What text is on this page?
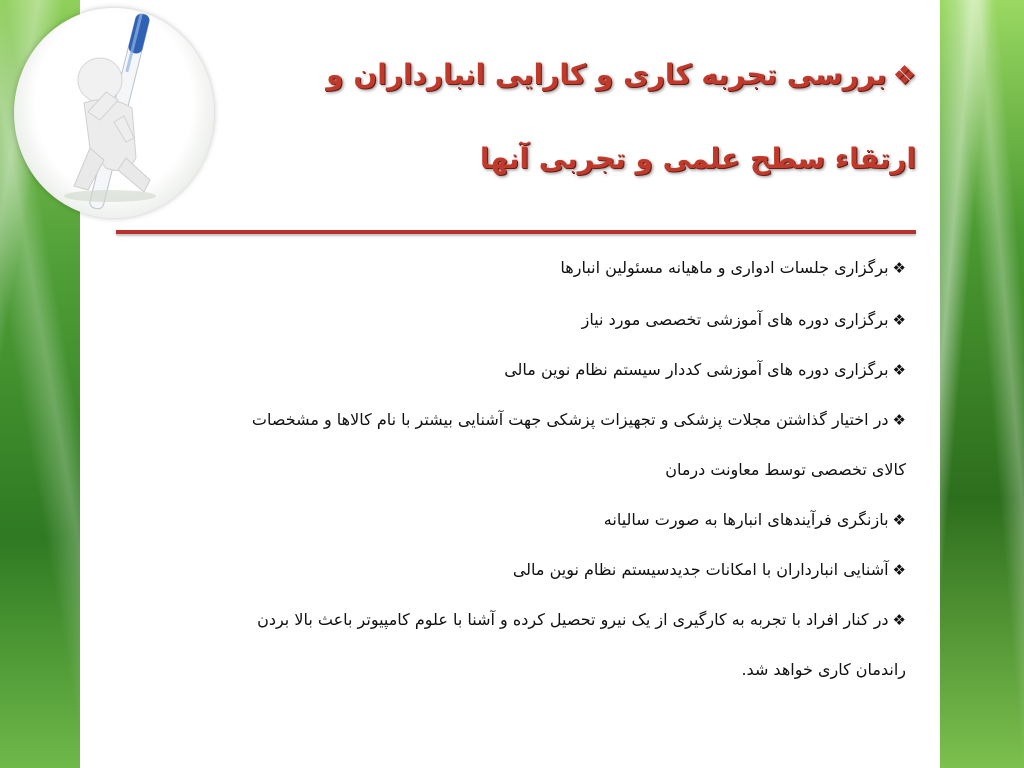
❖بررسی تجربه کاری و کارایی انبارداران و
ارتقاء سطح علمی و تجربی آنها
❖برگزاری جلسات ادواری و ماهیانه مسئولین انبارها
❖برگزاری دوره های آموزشی تخصصی مورد نیاز
❖برگزاری دوره های آموزشی کددار سیستم نظام نوین مالی
❖در اختیار گذاشتن مجلات پزشکی و تجهیزات پزشکی جهت آشنایی بیشتر با نام کالاها و مشخصات
کالای تخصصی توسط معاونت درمان
❖بازنگری فرآیندهای انبارها به صورت سالیانه
❖آشنایی انبارداران با امکانات جدیدسیستم نظام نوین مالی
❖در کنار افراد با تجربه به کارگیری از یک نیرو تحصیل کرده و آشنا با علوم کامپیوتر باعث بالا بردن
راندمان کاری خواهد شد.
